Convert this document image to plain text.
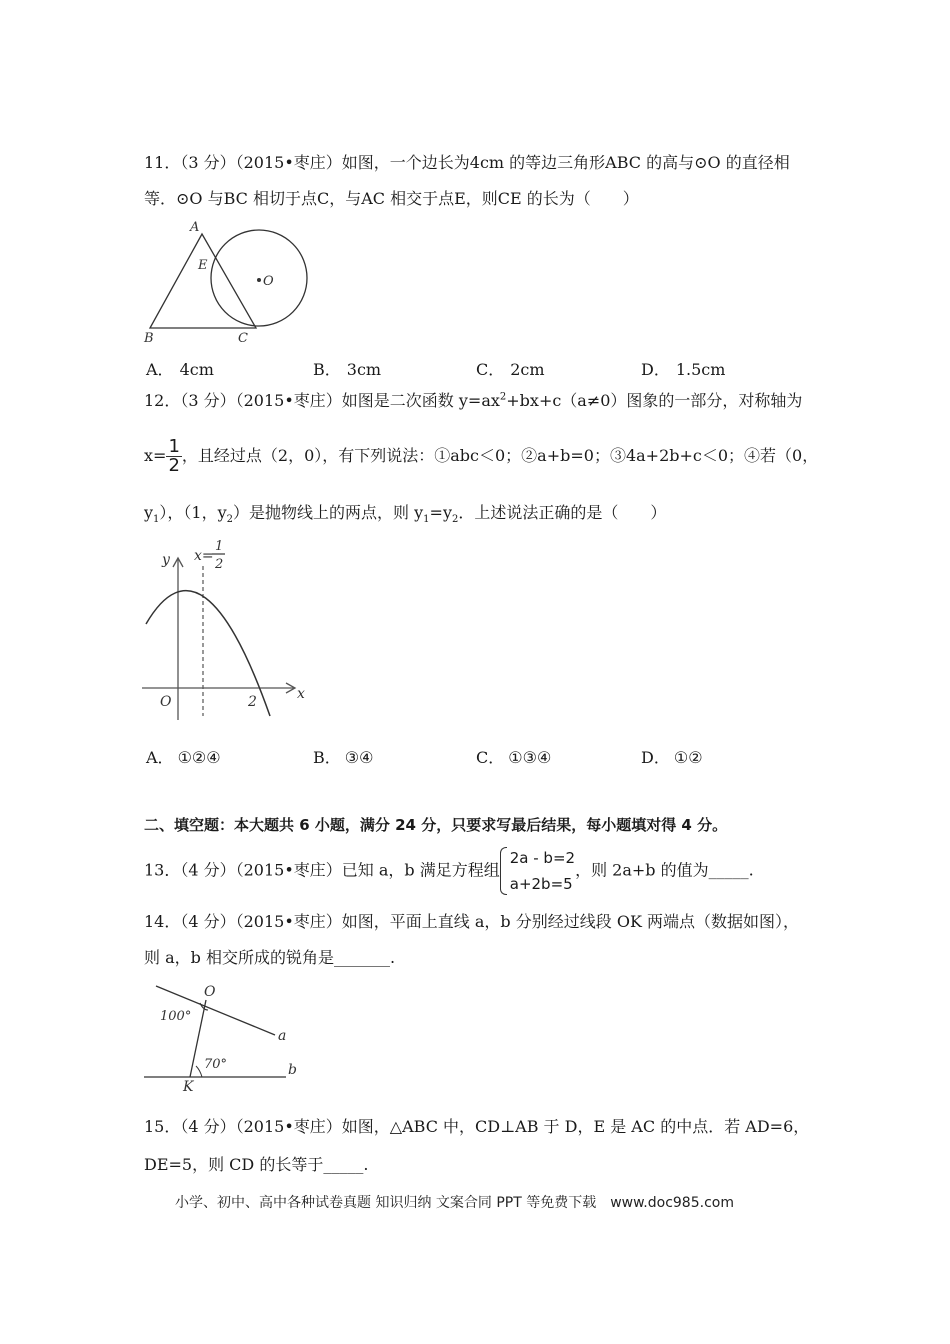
11．（3 分）（2015•枣庄）如图，一个边长为4cm 的等边三角形ABC 的高与⊙O 的直径相
等．⊙O 与BC 相切于点C，与AC 相交于点E，则CE 的长为（　　）
A
E
O
B	C
A． 4cm	B． 3cm	C． 2cm	D． 1.5cm
12．（3 分）（2015•枣庄）如图是二次函数 $y=ax^2+bx+c(a\ne 0)$图象的一部分，对称轴为
$x= \frac{1}{2}$ ，且经过点（2，0），有下列说法：①abc＜0；②a+b=0；③4a+2b+c＜0；④若（0，
$y_1$），（1，$y_2$）是抛物线上的两点，则 $y_1=y_2$．上述说法正确的是（　　）
y x=
1
2
O	2	x
A． ①②④	B． ③④	C． ①③④	D． ①②
二、填空题：本大题共 6 小题，满分 24 分，只要求写最后结果，每小题填对得 4 分。
13．（4 分）（2015•枣庄）已知 a，b 满足方程组
2a - b=2
a+2b=5
，则 2a+b 的值为_____.
14．（4 分）（2015•枣庄）如图，平面上直线 a，b 分别经过线段 OK 两端点（数据如图），
则 a，b 相交所成的锐角是_______.
O
100°
a
70°	b
K
15．（4 分）（2015•枣庄）如图，△ABC 中，CD⊥AB 于 D，E 是 AC 的中点．若 AD=6，
DE=5，则 CD 的长等于_____.
小学、初中、高中各种试卷真题 知识归纳 文案合同 PPT 等免费下载　www.doc985.com
